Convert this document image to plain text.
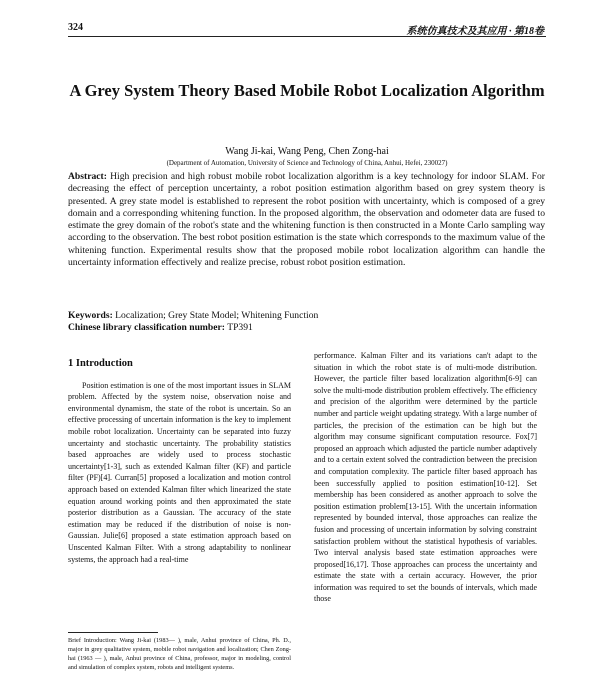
324	系统仿真技术及其应用 · 第18卷
A Grey System Theory Based Mobile Robot Localization Algorithm
Wang Ji-kai, Wang Peng, Chen Zong-hai
(Department of Automation, University of Science and Technology of China, Anhui, Hefei, 230027)

Abstract: High precision and high robust mobile robot localization algorithm is a key technology for indoor SLAM. For decreasing the effect of perception uncertainty, a robot position estimation algorithm based on grey system theory is presented. A grey state model is established to represent the robot position with uncertainty, which is composed of a grey domain and a corresponding whitening function. In the proposed algorithm, the observation and odometer data are fused to estimate the grey domain of the robot's state and the whitening function is then constructed in a Monte Carlo sampling way according to the observation. The best robot position estimation is the state which corresponds to the maximum value of the whitening function. Experimental results show that the proposed mobile robot localization algorithm can handle the uncertainty information effectively and realize precise, robust robot position estimation.

Keywords: Localization; Grey State Model; Whitening Function

Chinese library classification number: TP391

1 Introduction

Position estimation is one of the most important issues in SLAM problem. Affected by the system noise, observation noise and environmental dynamism, the state of the robot is uncertain. So an effective processing of uncertain information is the key to implement mobile robot localization. Uncertainty can be separated into fuzzy uncertainty and stochastic uncertainty. The probability statistics based approaches are widely used to process stochastic uncertainty[1-3], such as extended Kalman filter (KF) and particle filter (PF)[4]. Curran[5] proposed a localization and motion control approach based on extended Kalman filter which linearized the state equation around working points and then approximated the state posterior distribution as a Gaussian. The accuracy of the state estimation may be reduced if the distribution of noise is non-Gaussian. Julie[6] proposed a state estimation approach based on Unscented Kalman Filter. With a strong adaptability to nonlinear systems, the approach had a real-time

performance. Kalman Filter and its variations can't adapt to the situation in which the robot state is of multi-mode distribution. However, the particle filter based localization algorithm[6-9] can solve the multi-mode distribution problem effectively. The efficiency and precision of the algorithm were determined by the particle number and particle weight updating strategy. With a large number of particles, the precision of the estimation can be high but the algorithm may consume significant computation resource. Fox[7] proposed an approach which adjusted the particle number adaptively and to a certain extent solved the contradiction between the precision and computation complexity. The particle filter based approach has been successfully applied to position estimation[10-12]. Set membership has been considered as another approach to solve the position estimation problem[13-15]. With the uncertain information represented by bounded interval, those approaches can realize the fusion and processing of uncertain information by solving constraint satisfaction problem without the statistical hypothesis of variables. Two interval analysis based state estimation approaches were proposed[16,17]. Those approaches can process the uncertainty and estimate the state with a certain accuracy. However, the prior information was required to set the bounds of intervals, which made those

Brief Introduction: Wang Ji-kai (1983— ), male, Anhui province of China, Ph. D., major in grey qualitative system, mobile robot navigation and localization; Chen Zong-hai (1963 — ), male, Anhui province of China, professor, major in modeling, control and simulation of complex system, robots and intelligent systems.
